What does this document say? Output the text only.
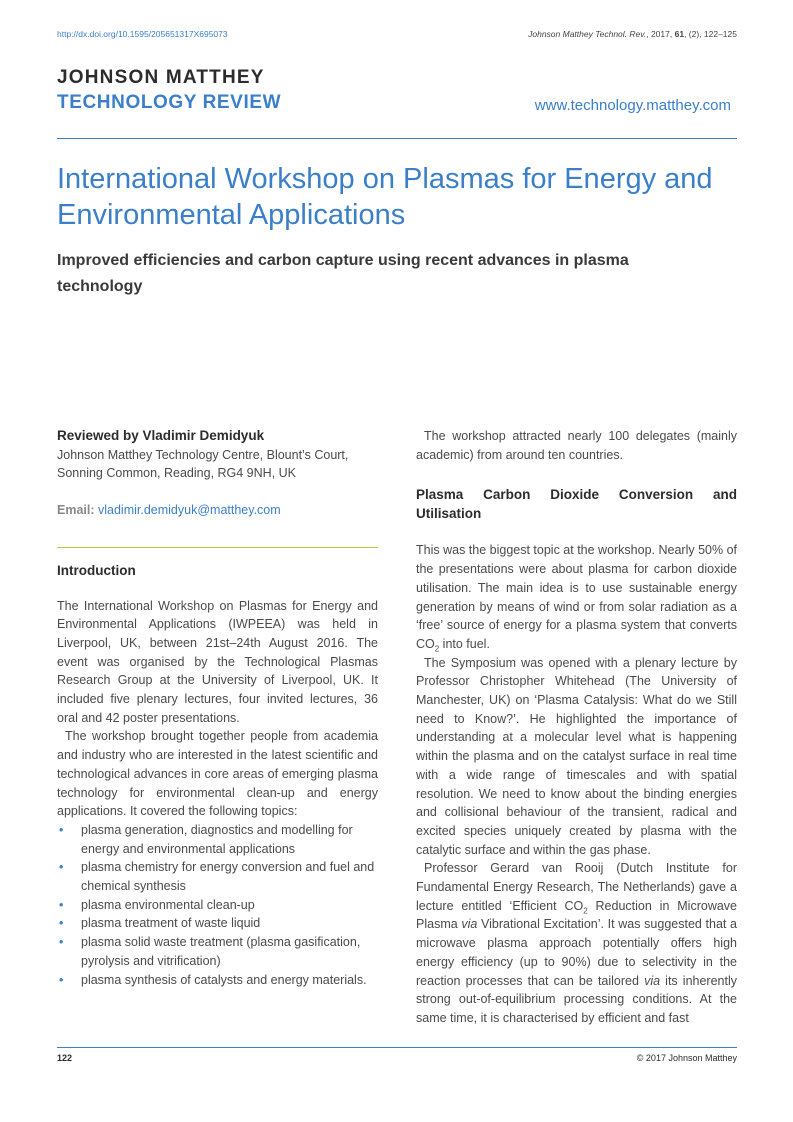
http://dx.doi.org/10.1595/205651317X695073	Johnson Matthey Technol. Rev., 2017, 61, (2), 122–125
JOHNSON MATTHEY
TECHNOLOGY REVIEW	www.technology.matthey.com
International Workshop on Plasmas for Energy and Environmental Applications
Improved efficiencies and carbon capture using recent advances in plasma technology

Reviewed by Vladimir Demidyuk

Johnson Matthey Technology Centre, Blount’s Court, Sonning Common, Reading, RG4 9NH, UK

Email: vladimir.demidyuk@matthey.com

Introduction

The International Workshop on Plasmas for Energy and Environmental Applications (IWPEEA) was held in Liverpool, UK, between 21st–24th August 2016. The event was organised by the Technological Plasmas Research Group at the University of Liverpool, UK. It included five plenary lectures, four invited lectures, 36 oral and 42 poster presentations.

The workshop brought together people from academia and industry who are interested in the latest scientific and technological advances in core areas of emerging plasma technology for environmental clean-up and energy applications. It covered the following topics:

• plasma generation, diagnostics and modelling for energy and environmental applications
• plasma chemistry for energy conversion and fuel and chemical synthesis
• plasma environmental clean-up
• plasma treatment of waste liquid
• plasma solid waste treatment (plasma gasification, pyrolysis and vitrification)
• plasma synthesis of catalysts and energy materials.

The workshop attracted nearly 100 delegates (mainly academic) from around ten countries.

Plasma Carbon Dioxide Conversion and Utilisation

This was the biggest topic at the workshop. Nearly 50% of the presentations were about plasma for carbon dioxide utilisation. The main idea is to use sustainable energy generation by means of wind or from solar radiation as a ‘free’ source of energy for a plasma system that converts $CO_2$ into fuel.

The Symposium was opened with a plenary lecture by Professor Christopher Whitehead (The University of Manchester, UK) on ‘Plasma Catalysis: What do we Still need to Know?’. He highlighted the importance of understanding at a molecular level what is happening within the plasma and on the catalyst surface in real time with a wide range of timescales and with spatial resolution. We need to know about the binding energies and collisional behaviour of the transient, radical and excited species uniquely created by plasma with the catalytic surface and within the gas phase.

Professor Gerard van Rooij (Dutch Institute for Fundamental Energy Research, The Netherlands) gave a lecture entitled ‘Efficient $CO_2$ Reduction in Microwave Plasma via Vibrational Excitation’. It was suggested that a microwave plasma approach potentially offers high energy efficiency (up to 90%) due to selectivity in the reaction processes that can be tailored via its inherently strong out-of-equilibrium processing conditions. At the same time, it is characterised by efficient and fast

122	© 2017 Johnson Matthey
